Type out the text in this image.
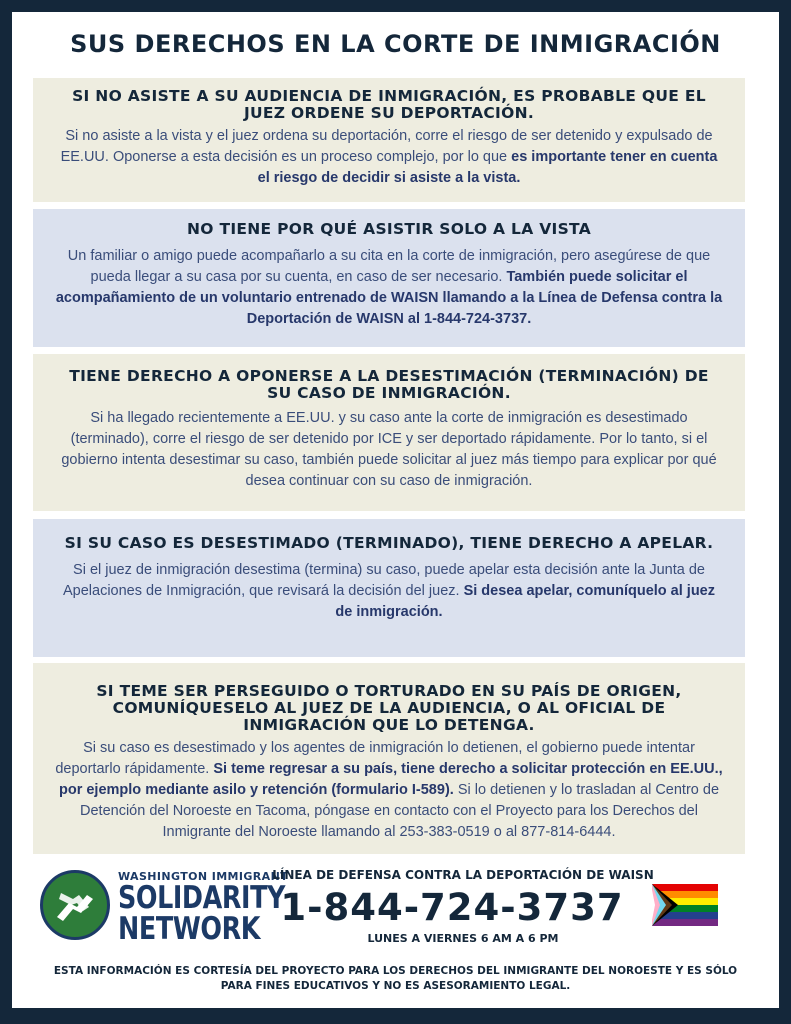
SUS DERECHOS EN LA CORTE DE INMIGRACIÓN
SI NO ASISTE A SU AUDIENCIA DE INMIGRACIÓN, ES PROBABLE QUE EL JUEZ ORDENE SU DEPORTACIÓN.

Si no asiste a la vista y el juez ordena su deportación, corre el riesgo de ser detenido y expulsado de EE.UU. Oponerse a esta decisión es un proceso complejo, por lo que es importante tener en cuenta el riesgo de decidir si asiste a la vista.

NO TIENE POR QUÉ ASISTIR SOLO A LA VISTA

Un familiar o amigo puede acompañarlo a su cita en la corte de inmigración, pero asegúrese de que pueda llegar a su casa por su cuenta, en caso de ser necesario. También puede solicitar el acompañamiento de un voluntario entrenado de WAISN llamando a la Línea de Defensa contra la Deportación de WAISN al 1-844-724-3737.

TIENE DERECHO A OPONERSE A LA DESESTIMACIÓN (TERMINACIÓN) DE SU CASO DE INMIGRACIÓN.

Si ha llegado recientemente a EE.UU. y su caso ante la corte de inmigración es desestimado (terminado), corre el riesgo de ser detenido por ICE y ser deportado rápidamente. Por lo tanto, si el gobierno intenta desestimar su caso, también puede solicitar al juez más tiempo para explicar por qué desea continuar con su caso de inmigración.

SI SU CASO ES DESESTIMADO (TERMINADO), TIENE DERECHO A APELAR.

Si el juez de inmigración desestima (termina) su caso, puede apelar esta decisión ante la Junta de Apelaciones de Inmigración, que revisará la decisión del juez. Si desea apelar, comuníquelo al juez de inmigración.

SI TEME SER PERSEGUIDO O TORTURADO EN SU PAÍS DE ORIGEN, COMUNÍQUESELO AL JUEZ DE LA AUDIENCIA, O AL OFICIAL DE INMIGRACIÓN QUE LO DETENGA.

Si su caso es desestimado y los agentes de inmigración lo detienen, el gobierno puede intentar deportarlo rápidamente. Si teme regresar a su país, tiene derecho a solicitar protección en EE.UU., por ejemplo mediante asilo y retención (formulario I-589). Si lo detienen y lo trasladan al Centro de Detención del Noroeste en Tacoma, póngase en contacto con el Proyecto para los Derechos del Inmigrante del Noroeste llamando al 253-383-0519 o al 877-814-6444.

WASHINGTON IMMIGRANT
SOLIDARITY
NETWORK
LÍNEA DE DEFENSA CONTRA LA DEPORTACIÓN DE WAISN
1-844-724-3737
LUNES A VIERNES 6 AM A 6 PM
ESTA INFORMACIÓN ES CORTESÍA DEL PROYECTO PARA LOS DERECHOS DEL INMIGRANTE DEL NOROESTE Y ES SÓLO PARA FINES EDUCATIVOS Y NO ES ASESORAMIENTO LEGAL.
